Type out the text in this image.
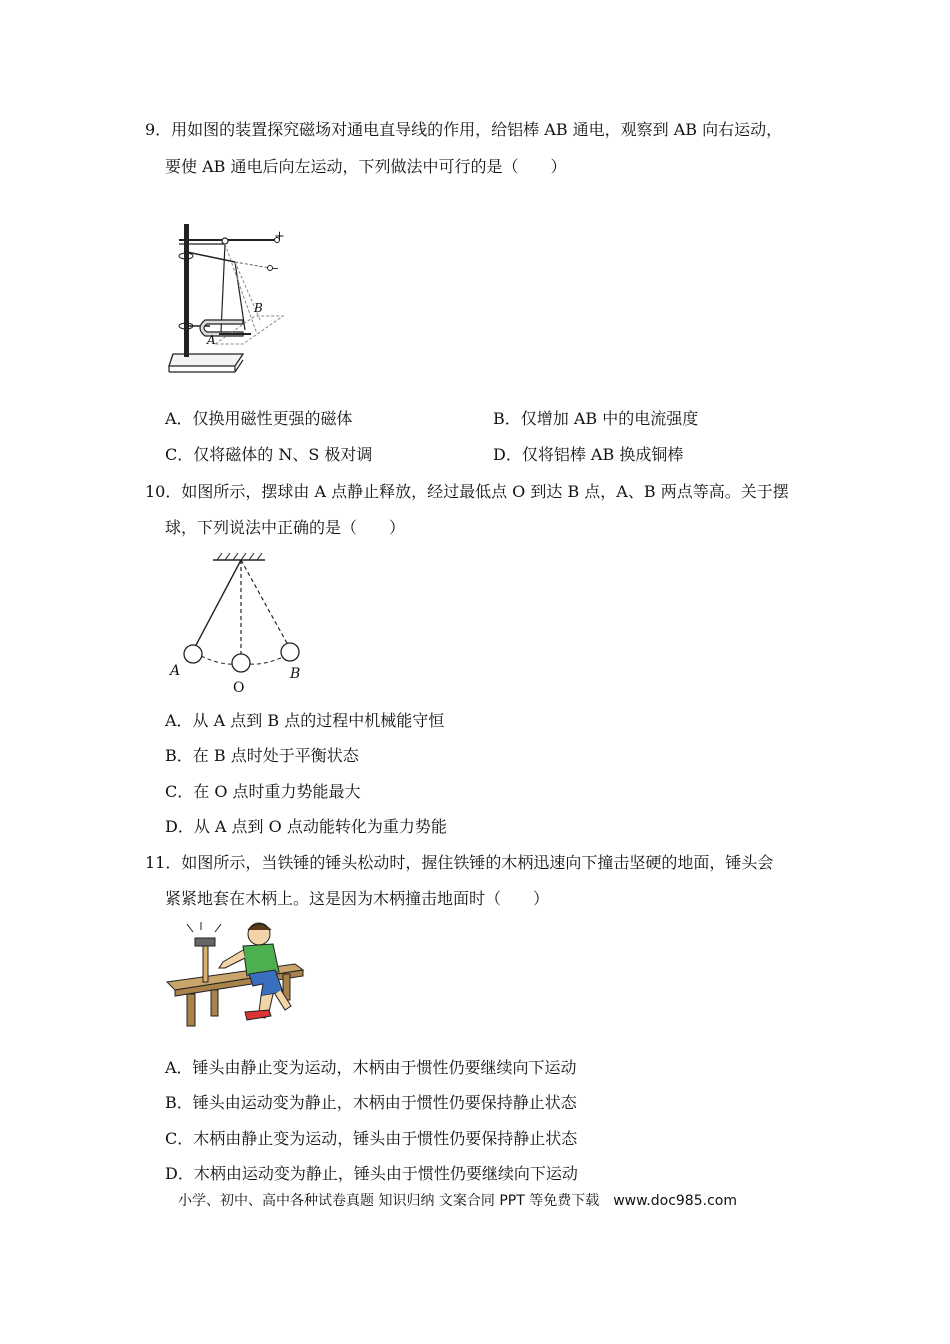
9．用如图的装置探究磁场对通电直导线的作用，给铝棒 AB 通电，观察到 AB 向右运动，
要使 AB 通电后向左运动，下列做法中可行的是（　　）
+
–
A
B
A．仅换用磁性更强的磁体	B．仅增加 AB 中的电流强度
C．仅将磁体的 N、S 极对调	D．仅将铝棒 AB 换成铜棒
10．如图所示，摆球由 A 点静止释放，经过最低点 O 到达 B 点，A、B 两点等高。关于摆
球，下列说法中正确的是（　　）
A
O
B
A．从 A 点到 B 点的过程中机械能守恒
B．在 B 点时处于平衡状态
C．在 O 点时重力势能最大
D．从 A 点到 O 点动能转化为重力势能
11．如图所示，当铁锤的锤头松动时，握住铁锤的木柄迅速向下撞击坚硬的地面，锤头会
紧紧地套在木柄上。这是因为木柄撞击地面时（　　）
A．锤头由静止变为运动，木柄由于惯性仍要继续向下运动
B．锤头由运动变为静止，木柄由于惯性仍要保持静止状态
C．木柄由静止变为运动，锤头由于惯性仍要保持静止状态
D．木柄由运动变为静止，锤头由于惯性仍要继续向下运动
小学、初中、高中各种试卷真题 知识归纳 文案合同 PPT 等免费下载　www.doc985.com
